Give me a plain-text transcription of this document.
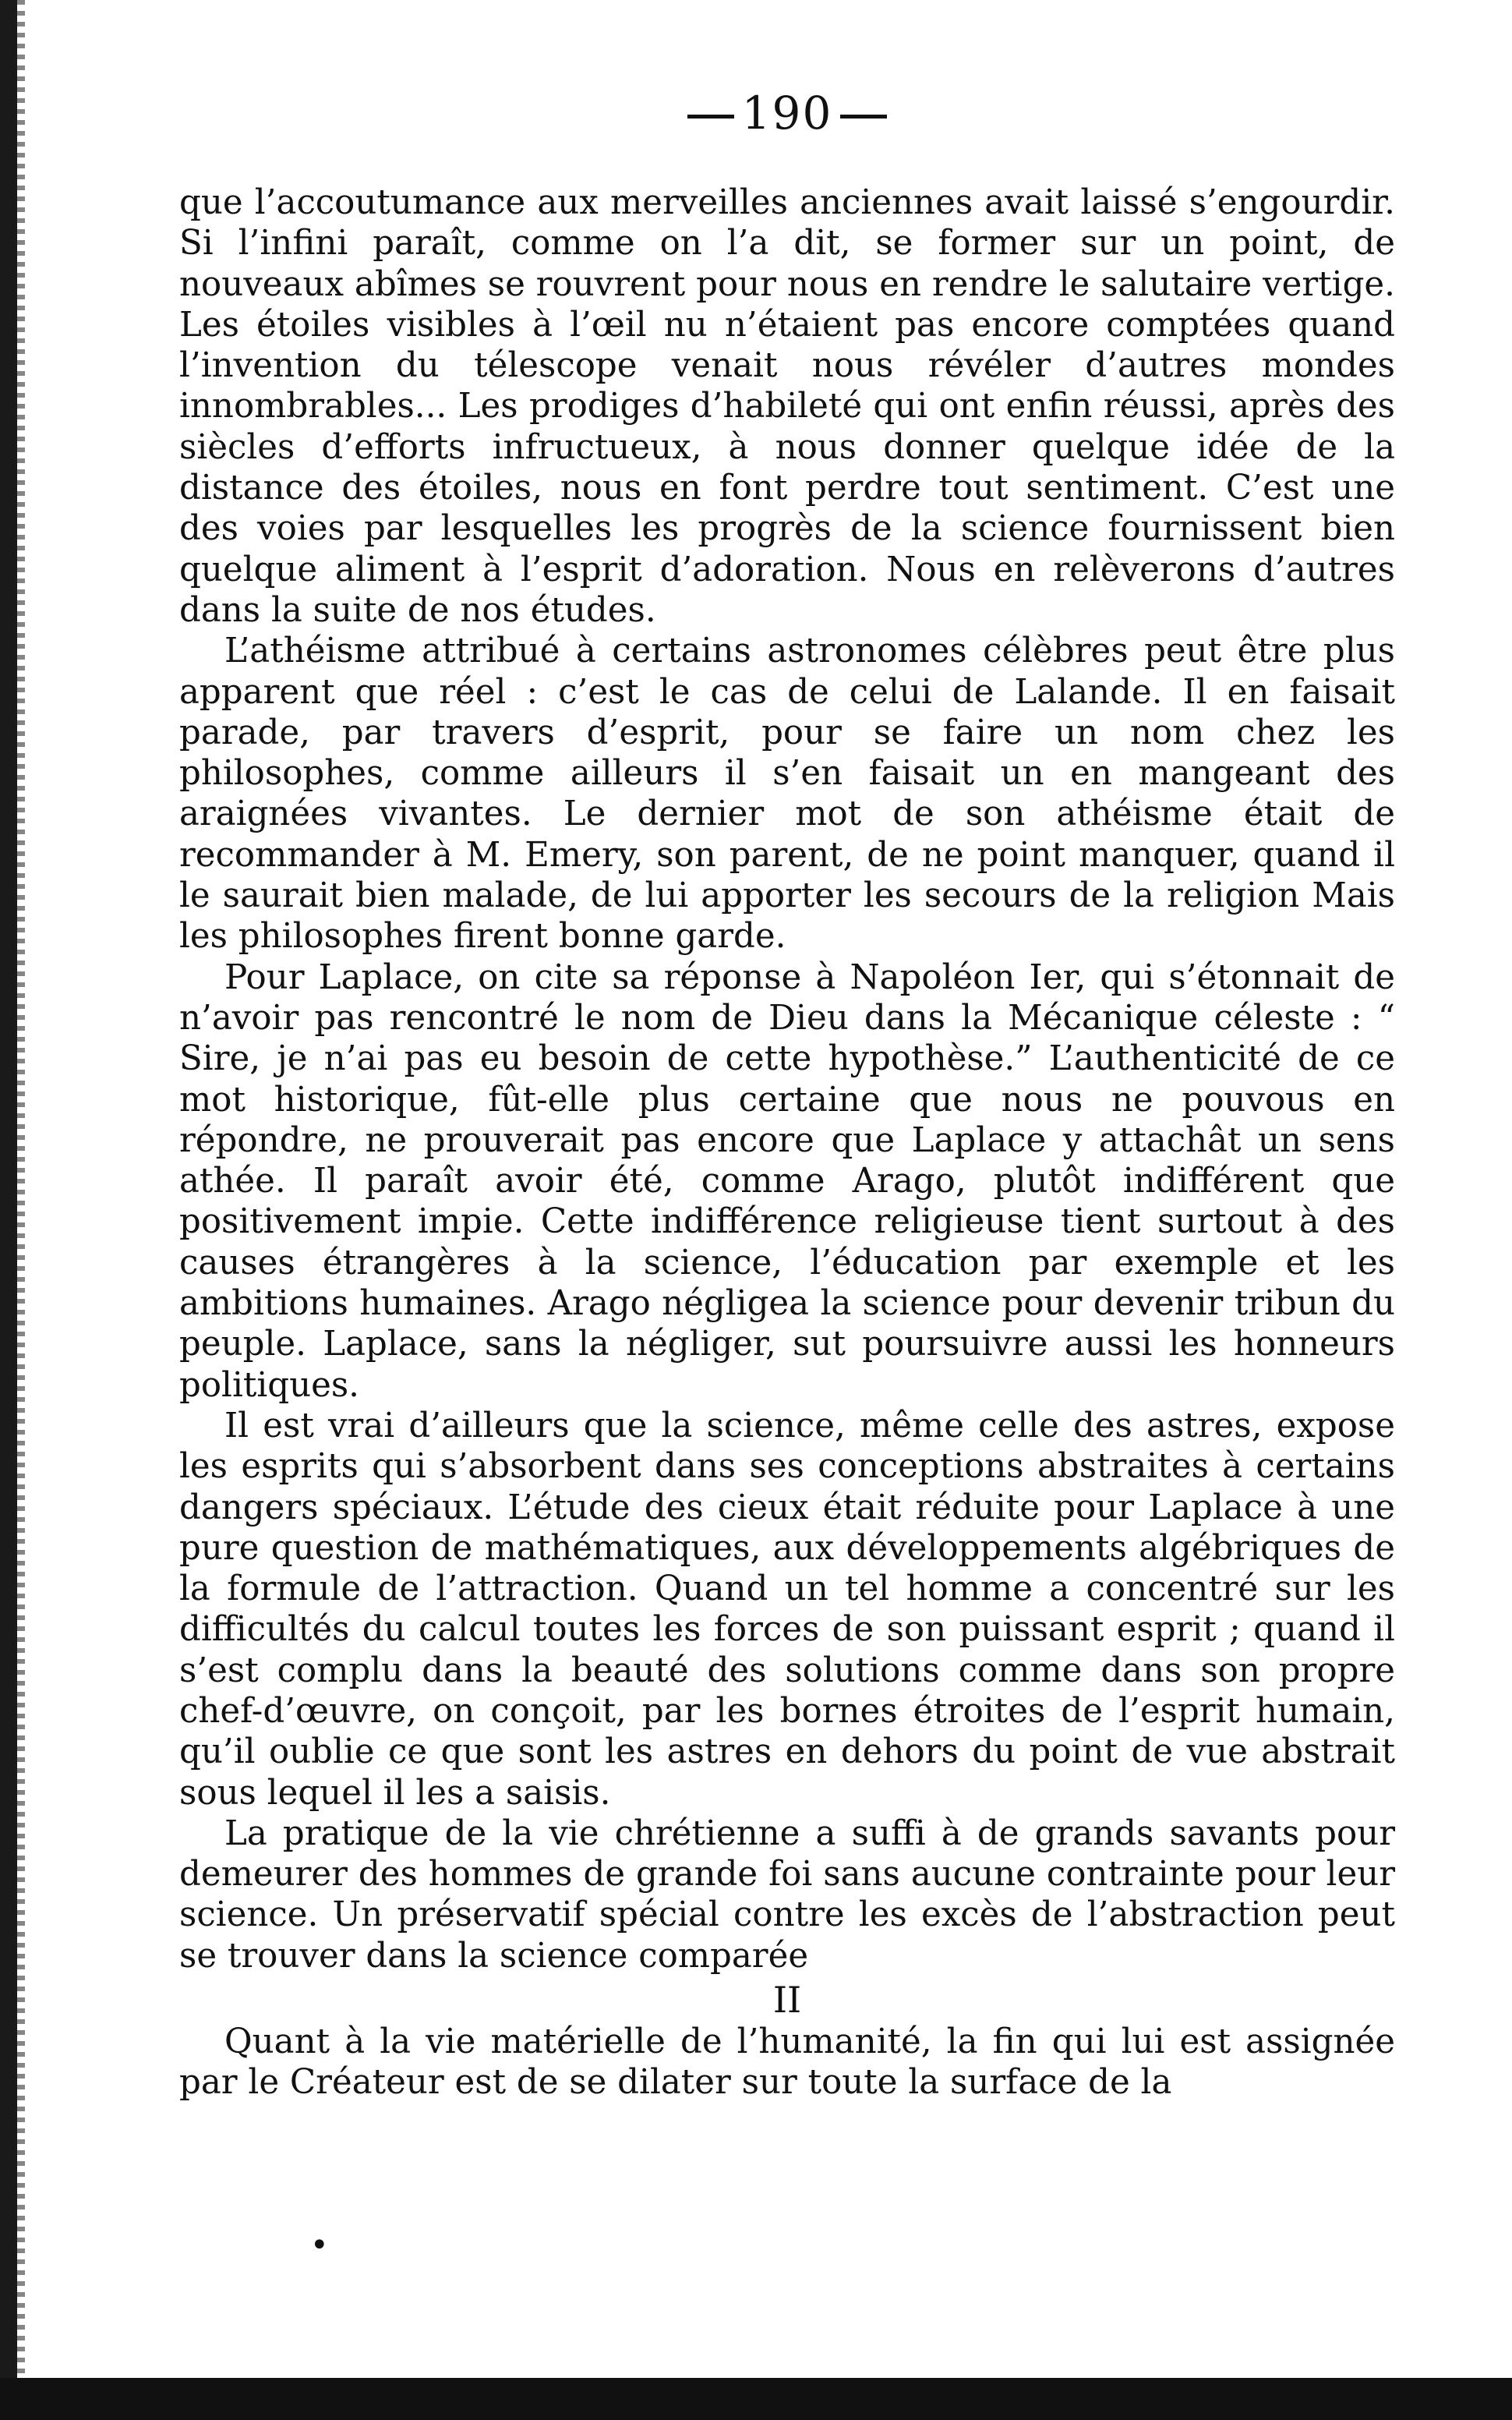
190

que l’accoutumance aux merveilles anciennes avait laissé s’engourdir. Si l’infini paraît, comme on l’a dit, se former sur un point, de nouveaux abîmes se rouvrent pour nous en rendre le salutaire vertige. Les étoiles visibles à l’œil nu n’étaient pas encore comptées quand l’invention du télescope venait nous révéler d’autres mondes innombrables... Les prodiges d’habileté qui ont enfin réussi, après des siècles d’efforts infructueux, à nous donner quelque idée de la distance des étoiles, nous en font perdre tout sentiment. C’est une des voies par lesquelles les progrès de la science fournissent bien quelque aliment à l’esprit d’adoration. Nous en relèverons d’autres dans la suite de nos études.

L’athéisme attribué à certains astronomes célèbres peut être plus apparent que réel : c’est le cas de celui de Lalande. Il en faisait parade, par travers d’esprit, pour se faire un nom chez les philosophes, comme ailleurs il s’en faisait un en mangeant des araignées vivantes. Le dernier mot de son athéisme était de recommander à M. Emery, son parent, de ne point manquer, quand il le saurait bien malade, de lui apporter les secours de la religion Mais les philosophes firent bonne garde.

Pour Laplace, on cite sa réponse à Napoléon Ier, qui s’étonnait de n’avoir pas rencontré le nom de Dieu dans la Mécanique céleste : “ Sire, je n’ai pas eu besoin de cette hypothèse.” L’authenticité de ce mot historique, fût-elle plus certaine que nous ne pouvous en répondre, ne prouverait pas encore que Laplace y attachât un sens athée. Il paraît avoir été, comme Arago, plutôt indifférent que positivement impie. Cette indifférence religieuse tient surtout à des causes étrangères à la science, l’éducation par exemple et les ambitions humaines. Arago négligea la science pour devenir tribun du peuple. Laplace, sans la négliger, sut poursuivre aussi les honneurs politiques.

Il est vrai d’ailleurs que la science, même celle des astres, expose les esprits qui s’absorbent dans ses conceptions abstraites à certains dangers spéciaux. L’étude des cieux était réduite pour Laplace à une pure question de mathématiques, aux développements algébriques de la formule de l’attraction. Quand un tel homme a concentré sur les difficultés du calcul toutes les forces de son puissant esprit ; quand il s’est complu dans la beauté des solutions comme dans son propre chef-d’œuvre, on conçoit, par les bornes étroites de l’esprit humain, qu’il oublie ce que sont les astres en dehors du point de vue abstrait sous lequel il les a saisis.

La pratique de la vie chrétienne a suffi à de grands savants pour demeurer des hommes de grande foi sans aucune contrainte pour leur science. Un préservatif spécial contre les excès de l’abstraction peut se trouver dans la science comparée

II

Quant à la vie matérielle de l’humanité, la fin qui lui est assignée par le Créateur est de se dilater sur toute la surface de la

•
